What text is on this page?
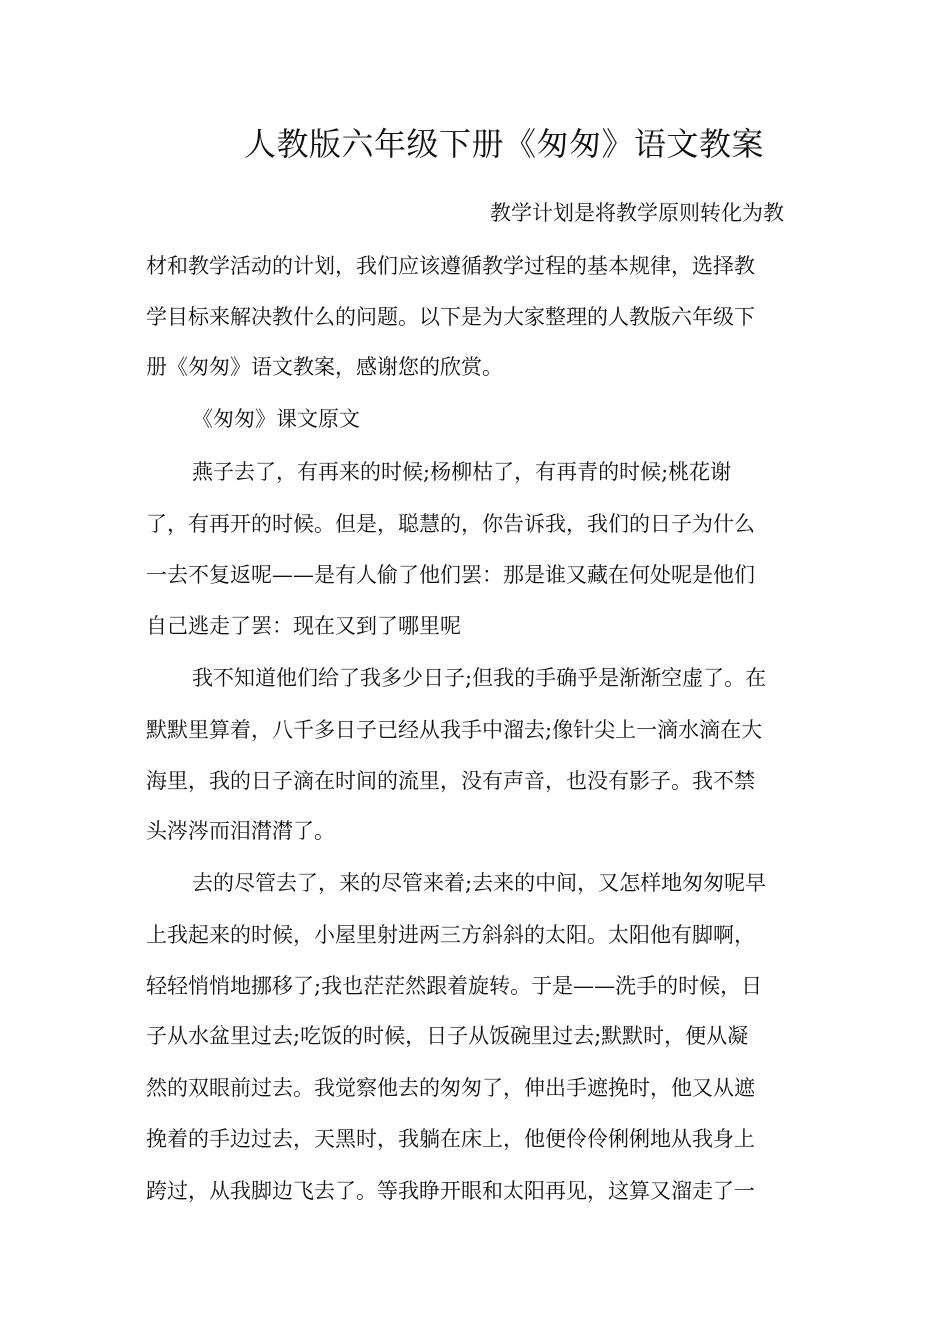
人教版六年级下册《匆匆》语文教案
教学计划是将教学原则转化为教
材和教学活动的计划，我们应该遵循教学过程的基本规律，选择教
学目标来解决教什么的问题。以下是为大家整理的人教版六年级下
册《匆匆》语文教案，感谢您的欣赏。
《匆匆》课文原文
燕子去了，有再来的时候;杨柳枯了，有再青的时候;桃花谢
了，有再开的时候。但是，聪慧的，你告诉我，我们的日子为什么
一去不复返呢——是有人偷了他们罢：那是谁又藏在何处呢是他们
自己逃走了罢：现在又到了哪里呢
我不知道他们给了我多少日子;但我的手确乎是渐渐空虚了。在
默默里算着，八千多日子已经从我手中溜去;像针尖上一滴水滴在大
海里，我的日子滴在时间的流里，没有声音，也没有影子。我不禁
头涔涔而泪潸潸了。
去的尽管去了，来的尽管来着;去来的中间，又怎样地匆匆呢早
上我起来的时候，小屋里射进两三方斜斜的太阳。太阳他有脚啊，
轻轻悄悄地挪移了;我也茫茫然跟着旋转。于是——洗手的时候，日
子从水盆里过去;吃饭的时候，日子从饭碗里过去;默默时，便从凝
然的双眼前过去。我觉察他去的匆匆了，伸出手遮挽时，他又从遮
挽着的手边过去，天黑时，我躺在床上，他便伶伶俐俐地从我身上
跨过，从我脚边飞去了。等我睁开眼和太阳再见，这算又溜走了一
